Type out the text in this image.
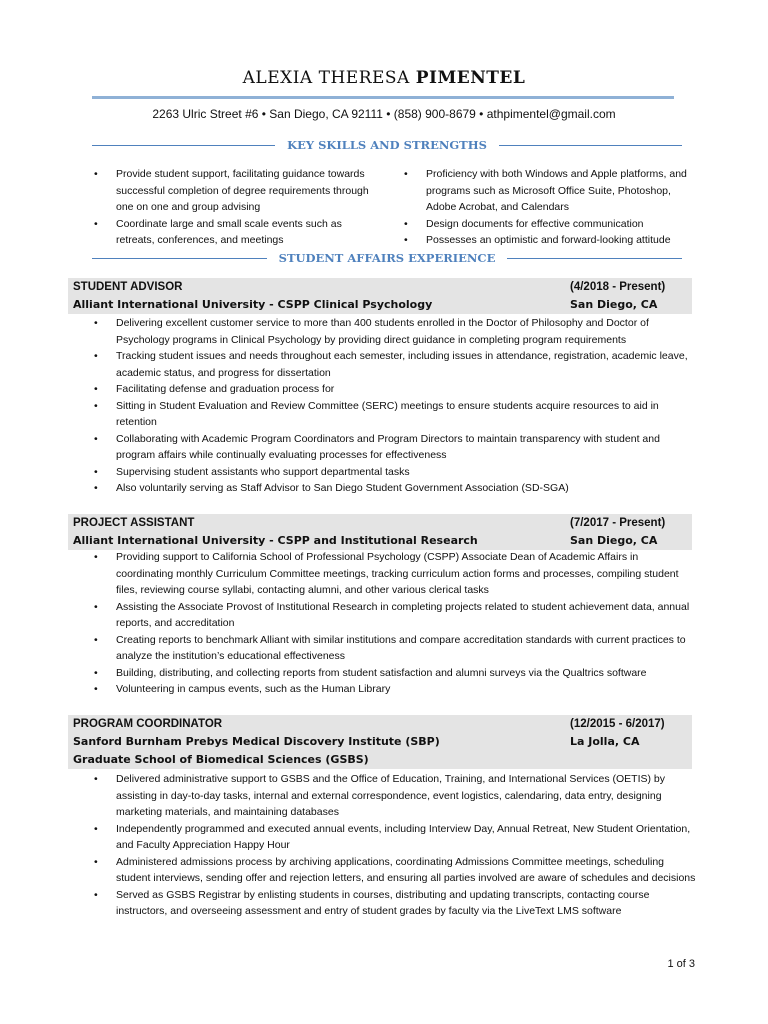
ALEXIA THERESA PIMENTEL
2263 Ulric Street #6 • San Diego, CA 92111 • (858) 900-8679 • athpimentel@gmail.com
KEY SKILLS AND STRENGTHS
• Provide student support, facilitating guidance towards successful completion of degree requirements through one on one and group advising
• Coordinate large and small scale events such as retreats, conferences, and meetings
• Proficiency with both Windows and Apple platforms, and programs such as Microsoft Office Suite, Photoshop, Adobe Acrobat, and Calendars
• Design documents for effective communication
• Possesses an optimistic and forward-looking attitude
STUDENT AFFAIRS EXPERIENCE
STUDENT ADVISOR	(4/2018 - Present)
Alliant International University - CSPP Clinical Psychology	San Diego, CA
• Delivering excellent customer service to more than 400 students enrolled in the Doctor of Philosophy and Doctor of Psychology programs in Clinical Psychology by providing direct guidance in completing program requirements
• Tracking student issues and needs throughout each semester, including issues in attendance, registration, academic leave, academic status, and progress for dissertation
• Facilitating defense and graduation process for
• Sitting in Student Evaluation and Review Committee (SERC) meetings to ensure students acquire resources to aid in retention
• Collaborating with Academic Program Coordinators and Program Directors to maintain transparency with student and program affairs while continually evaluating processes for effectiveness
• Supervising student assistants who support departmental tasks
• Also voluntarily serving as Staff Advisor to San Diego Student Government Association (SD-SGA)
PROJECT ASSISTANT	(7/2017 - Present)
Alliant International University - CSPP and Institutional Research	San Diego, CA
• Providing support to California School of Professional Psychology (CSPP) Associate Dean of Academic Affairs in coordinating monthly Curriculum Committee meetings, tracking curriculum action forms and processes, compiling student files, reviewing course syllabi, contacting alumni, and other various clerical tasks
• Assisting the Associate Provost of Institutional Research in completing projects related to student achievement data, annual reports, and accreditation
• Creating reports to benchmark Alliant with similar institutions and compare accreditation standards with current practices to analyze the institution’s educational effectiveness
• Building, distributing, and collecting reports from student satisfaction and alumni surveys via the Qualtrics software
• Volunteering in campus events, such as the Human Library
PROGRAM COORDINATOR	(12/2015 - 6/2017)
Sanford Burnham Prebys Medical Discovery Institute (SBP)	La Jolla, CA
Graduate School of Biomedical Sciences (GSBS)
• Delivered administrative support to GSBS and the Office of Education, Training, and International Services (OETIS) by assisting in day-to-day tasks, internal and external correspondence, event logistics, calendaring, data entry, designing marketing materials, and maintaining databases
• Independently programmed and executed annual events, including Interview Day, Annual Retreat, New Student Orientation, and Faculty Appreciation Happy Hour
• Administered admissions process by archiving applications, coordinating Admissions Committee meetings, scheduling student interviews, sending offer and rejection letters, and ensuring all parties involved are aware of schedules and decisions
• Served as GSBS Registrar by enlisting students in courses, distributing and updating transcripts, contacting course instructors, and overseeing assessment and entry of student grades by faculty via the LiveText LMS software
1 of 3
